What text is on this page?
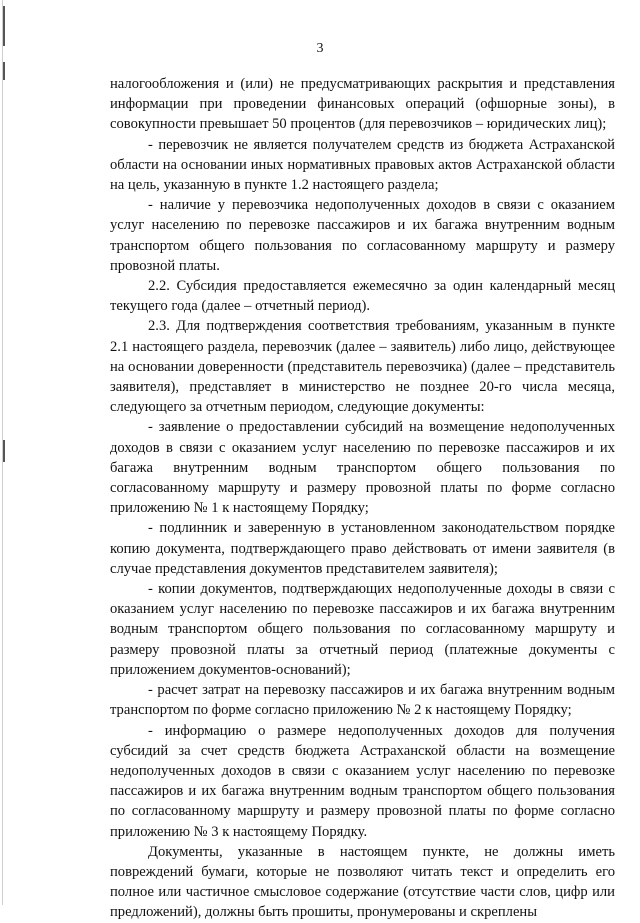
3

налогообложения и (или) не предусматривающих раскрытия и представления информации при проведении финансовых операций (офшорные зоны), в совокупности превышает 50 процентов (для перевозчиков – юридических лиц);

- перевозчик не является получателем средств из бюджета Астраханской области на основании иных нормативных правовых актов Астраханской области на цель, указанную в пункте 1.2 настоящего раздела;

- наличие у перевозчика недополученных доходов в связи с оказанием услуг населению по перевозке пассажиров и их багажа внутренним водным транспортом общего пользования по согласованному маршруту и размеру провозной платы.

2.2. Субсидия предоставляется ежемесячно за один календарный месяц текущего года (далее – отчетный период).

2.3. Для подтверждения соответствия требованиям, указанным в пункте 2.1 настоящего раздела, перевозчик (далее – заявитель) либо лицо, действующее на основании доверенности (представитель перевозчика) (далее – представитель заявителя), представляет в министерство не позднее 20-го числа месяца, следующего за отчетным периодом, следующие документы:

- заявление о предоставлении субсидий на возмещение недополученных доходов в связи с оказанием услуг населению по перевозке пассажиров и их багажа внутренним водным транспортом общего пользования по согласованному маршруту и размеру провозной платы по форме согласно приложению № 1 к настоящему Порядку;

- подлинник и заверенную в установленном законодательством порядке копию документа, подтверждающего право действовать от имени заявителя (в случае представления документов представителем заявителя);

- копии документов, подтверждающих недополученные доходы в связи с оказанием услуг населению по перевозке пассажиров и их багажа внутренним водным транспортом общего пользования по согласованному маршруту и размеру провозной платы за отчетный период (платежные документы с приложением документов-оснований);

- расчет затрат на перевозку пассажиров и их багажа внутренним водным транспортом по форме согласно приложению № 2 к настоящему Порядку;

- информацию о размере недополученных доходов для получения субсидий за счет средств бюджета Астраханской области на возмещение недополученных доходов в связи с оказанием услуг населению по перевозке пассажиров и их багажа внутренним водным транспортом общего пользования по согласованному маршруту и размеру провозной платы по форме согласно приложению № 3 к настоящему Порядку.

Документы, указанные в настоящем пункте, не должны иметь повреждений бумаги, которые не позволяют читать текст и определить его полное или частичное смысловое содержание (отсутствие части слов, цифр или предложений), должны быть прошиты, пронумерованы и скреплены
